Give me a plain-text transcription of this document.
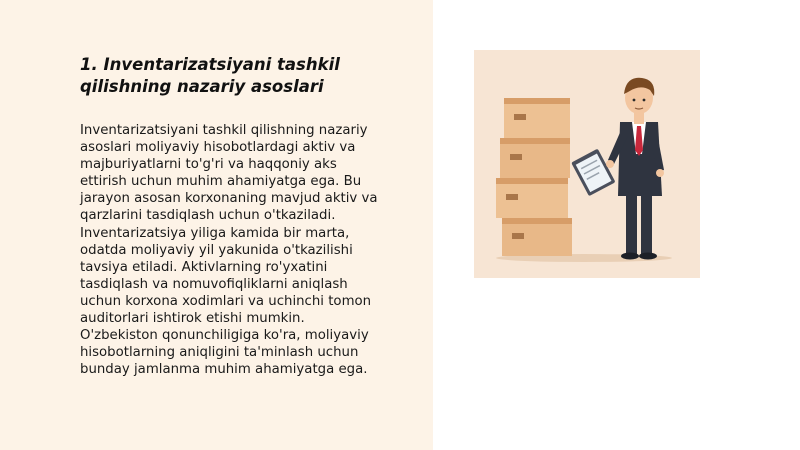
1. Inventarizatsiyani tashkil
qilishning nazariy asoslari
Inventarizatsiyani tashkil qilishning nazariy
asoslari moliyaviy hisobotlardagi aktiv va
majburiyatlarni to'g'ri va haqqoniy aks
ettirish uchun muhim ahamiyatga ega. Bu
jarayon asosan korxonaning mavjud aktiv va
qarzlarini tasdiqlash uchun o'tkaziladi.
Inventarizatsiya yiliga kamida bir marta,
odatda moliyaviy yil yakunida o'tkazilishi
tavsiya etiladi. Aktivlarning ro'yxatini
tasdiqlash va nomuvofiqliklarni aniqlash
uchun korxona xodimlari va uchinchi tomon
auditorlari ishtirok etishi mumkin.
O'zbekiston qonunchiligiga ko'ra, moliyaviy
hisobotlarning aniqligini ta'minlash uchun
bunday jamlanma muhim ahamiyatga ega.
